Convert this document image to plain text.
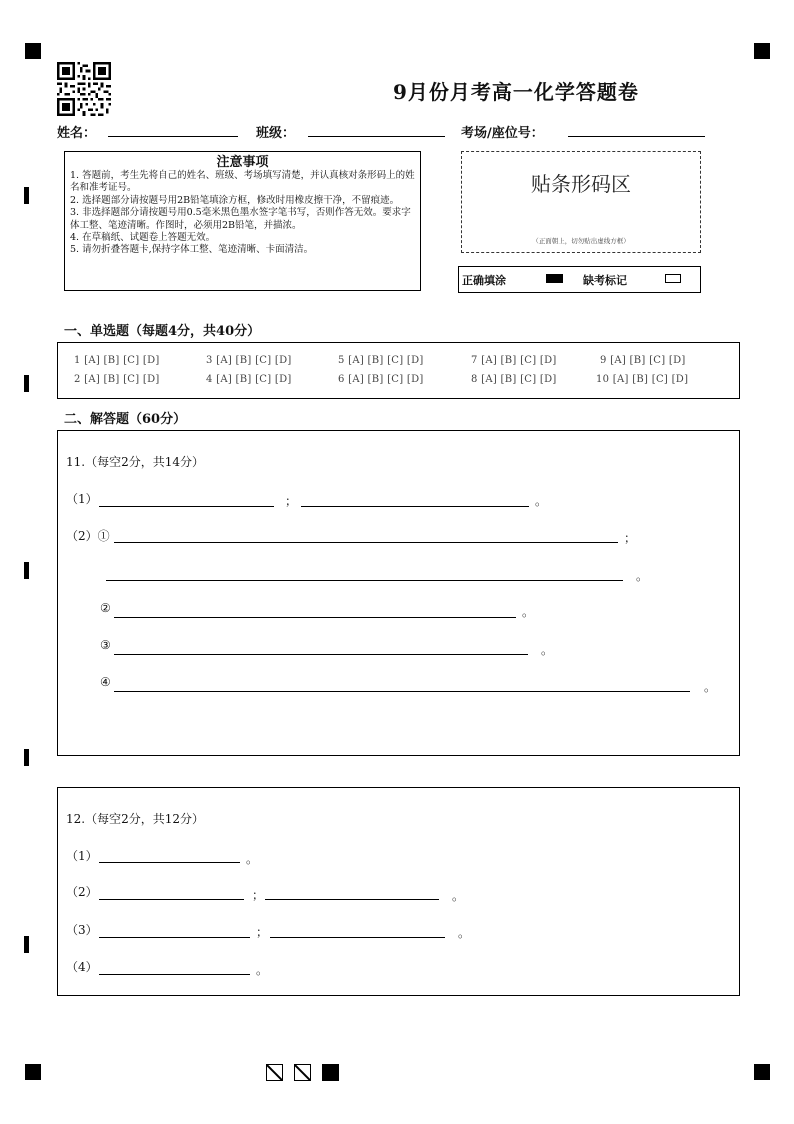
9月份月考高一化学答题卷
姓名：	班级：	考场/座位号：
注意事项
1. 答题前，考生先将自己的姓名、班级、考场填写清楚，并认真核对条形码上的姓名和准考证号。
2. 选择题部分请按题号用2B铅笔填涂方框，修改时用橡皮擦干净，不留痕迹。
3. 非选择题部分请按题号用0.5毫米黑色墨水签字笔书写，否则作答无效。要求字体工整、笔迹清晰。作图时，必须用2B铅笔，并描浓。
4. 在草稿纸、试题卷上答题无效。
5. 请勿折叠答题卡,保持字体工整、笔迹清晰、卡面清洁。
贴条形码区
（正面朝上，切勿贴出虚线方框）
正确填涂	缺考标记
一、单选题（每题4分，共40分）
1 [A] [B] [C] [D]
2 [A] [B] [C] [D]
3 [A] [B] [C] [D]
4 [A] [B] [C] [D]
5 [A] [B] [C] [D]
6 [A] [B] [C] [D]
7 [A] [B] [C] [D]
8 [A] [B] [C] [D]
9 [A] [B] [C] [D]
10 [A] [B] [C] [D]
二、解答题（60分）
11.（每空2分，共14分）
（1）	；	。
（2）①	；
。
②	。
③	。
④	。
12.（每空2分，共12分）
（1）	。
（2）	；	。
（3）	；	。
（4）	。
